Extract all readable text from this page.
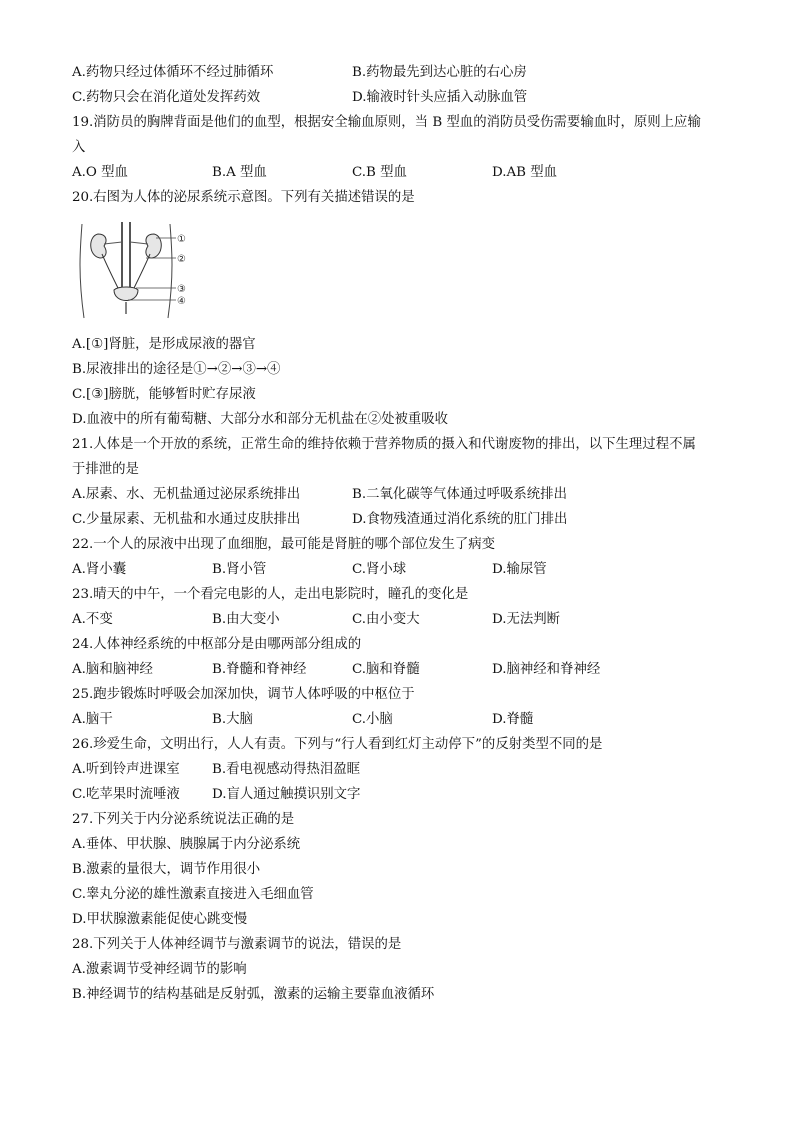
A.药物只经过体循环不经过肺循环	B.药物最先到达心脏的右心房
C.药物只会在消化道处发挥药效	D.输液时针头应插入动脉血管
19.消防员的胸牌背面是他们的血型，根据安全输血原则，当 B 型血的消防员受伤需要输血时，原则上应输
入
A.O 型血	B.A 型血	C.B 型血	D.AB 型血
20.右图为人体的泌尿系统示意图。下列有关描述错误的是
①
②
③
④
A.[①]肾脏，是形成尿液的器官
B.尿液排出的途径是①→②→③→④
C.[③]膀胱，能够暂时贮存尿液
D.血液中的所有葡萄糖、大部分水和部分无机盐在②处被重吸收
21.人体是一个开放的系统，正常生命的维持依赖于营养物质的摄入和代谢废物的排出，以下生理过程不属
于排泄的是
A.尿素、水、无机盐通过泌尿系统排出	B.二氧化碳等气体通过呼吸系统排出
C.少量尿素、无机盐和水通过皮肤排出	D.食物残渣通过消化系统的肛门排出
22.一个人的尿液中出现了血细胞，最可能是肾脏的哪个部位发生了病变
A.肾小囊	B.肾小管	C.肾小球	D.输尿管
23.晴天的中午，一个看完电影的人，走出电影院时，瞳孔的变化是
A.不变	B.由大变小	C.由小变大	D.无法判断
24.人体神经系统的中枢部分是由哪两部分组成的
A.脑和脑神经	B.脊髓和脊神经	C.脑和脊髓	D.脑神经和脊神经
25.跑步锻炼时呼吸会加深加快，调节人体呼吸的中枢位于
A.脑干	B.大脑	C.小脑	D.脊髓
26.珍爱生命，文明出行，人人有责。下列与“行人看到红灯主动停下”的反射类型不同的是
A.听到铃声进课室	B.看电视感动得热泪盈眶
C.吃苹果时流唾液	D.盲人通过触摸识别文字
27.下列关于内分泌系统说法正确的是
A.垂体、甲状腺、胰腺属于内分泌系统
B.激素的量很大，调节作用很小
C.睾丸分泌的雄性激素直接进入毛细血管
D.甲状腺激素能促使心跳变慢
28.下列关于人体神经调节与激素调节的说法，错误的是
A.激素调节受神经调节的影响
B.神经调节的结构基础是反射弧，激素的运输主要靠血液循环
